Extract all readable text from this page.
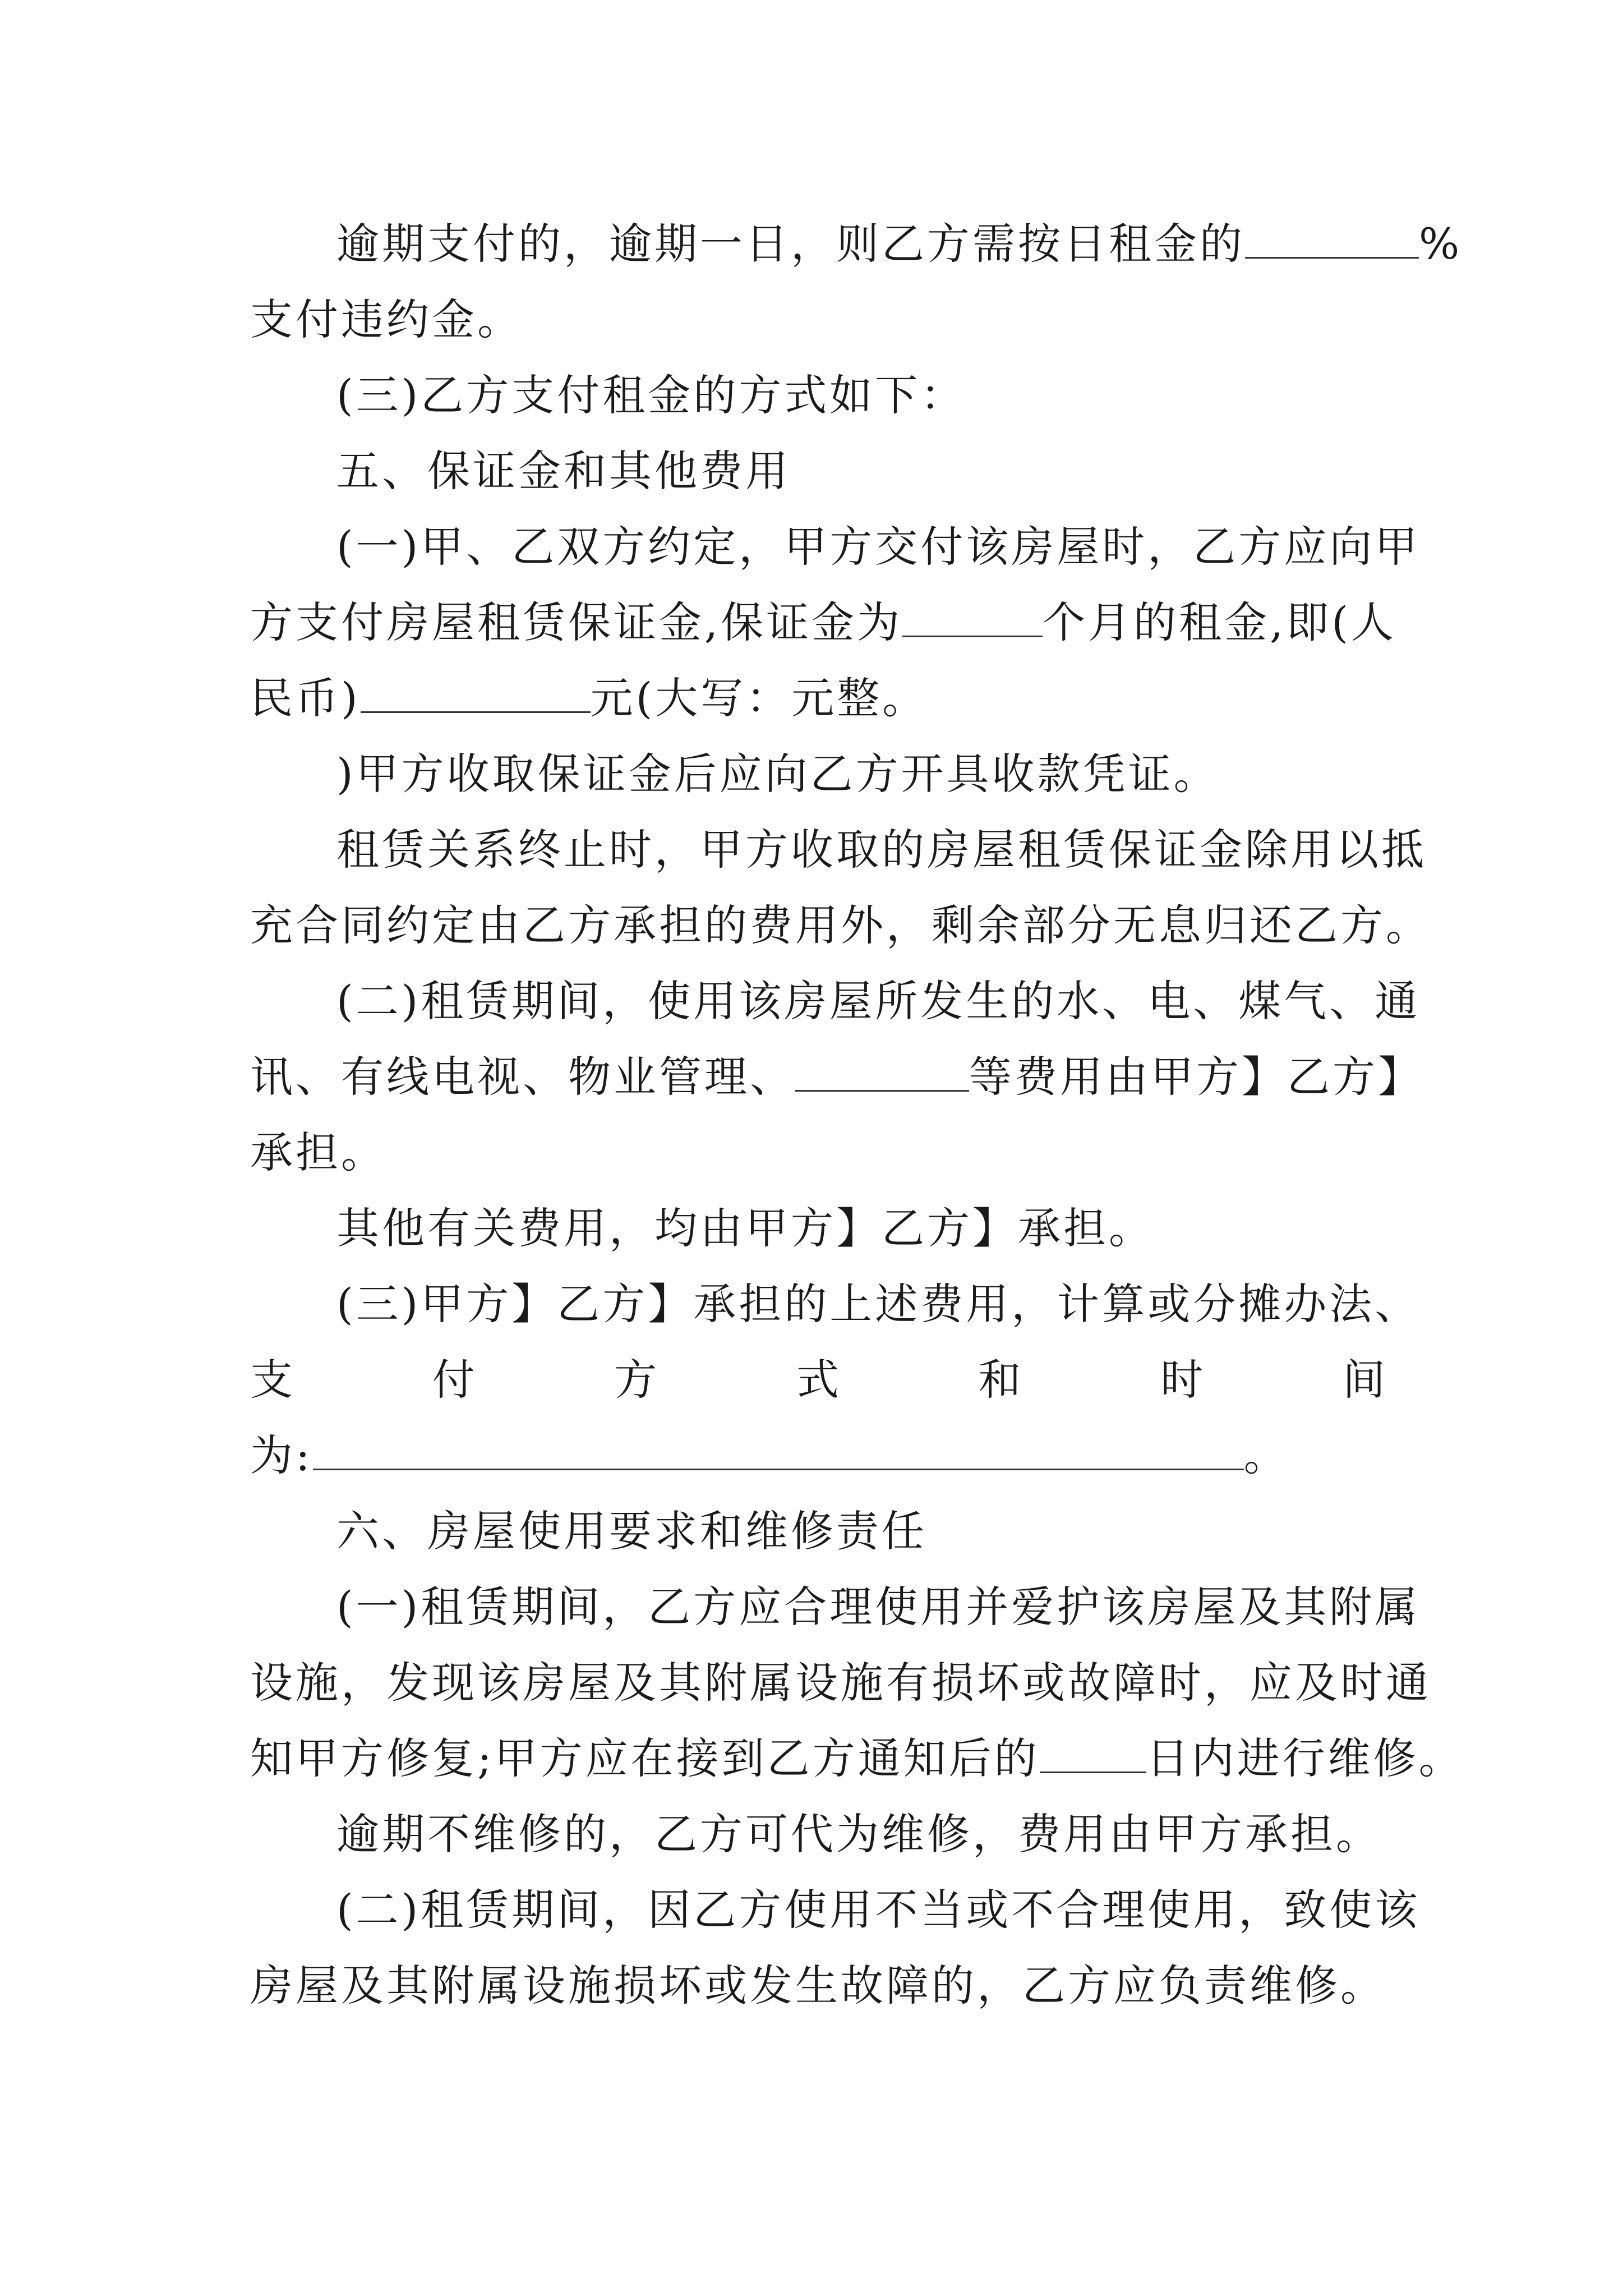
逾期支付的，逾期一日，则乙方需按日租金的	%
支付违约金。
(三)乙方支付租金的方式如下：
五、保证金和其他费用
(一)甲、乙双方约定，甲方交付该房屋时，乙方应向甲
方支付房屋租赁保证金,保证金为	个月的租金,即(人
民币)	元(大写：元整。
)甲方收取保证金后应向乙方开具收款凭证。
租赁关系终止时，甲方收取的房屋租赁保证金除用以抵
充合同约定由乙方承担的费用外，剩余部分无息归还乙方。
(二)租赁期间，使用该房屋所发生的水、电、煤气、通
讯、有线电视、物业管理、	等费用由甲方】乙方】
承担。
其他有关费用，均由甲方】乙方】承担。
(三)甲方】乙方】承担的上述费用，计算或分摊办法、
支	付	方	式	和	时	间
为:	。
六、房屋使用要求和维修责任
(一)租赁期间，乙方应合理使用并爱护该房屋及其附属
设施，发现该房屋及其附属设施有损坏或故障时，应及时通
知甲方修复;甲方应在接到乙方通知后的	日内进行维修。
逾期不维修的，乙方可代为维修，费用由甲方承担。
(二)租赁期间，因乙方使用不当或不合理使用，致使该
房屋及其附属设施损坏或发生故障的，乙方应负责维修。
